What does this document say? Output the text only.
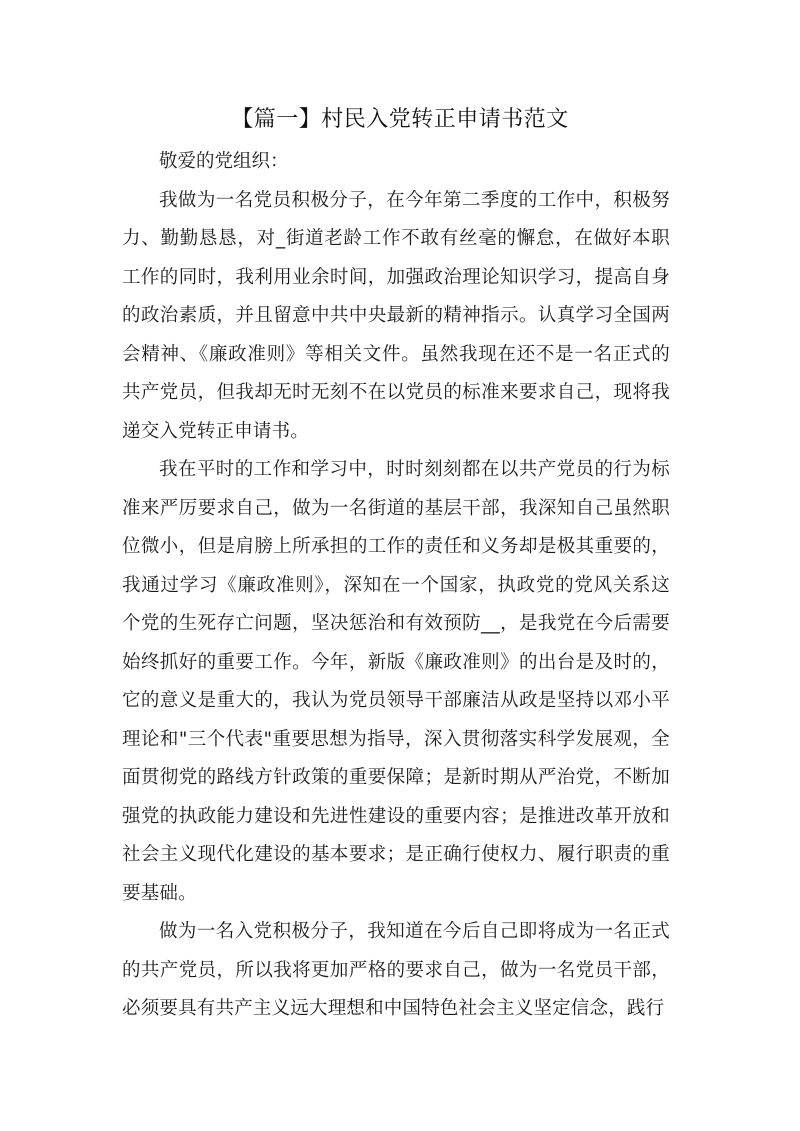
【篇一】村民入党转正申请书范文

敬爱的党组织：

我做为一名党员积极分子，在今年第二季度的工作中，积极努力、勤勤恳恳，对_街道老龄工作不敢有丝毫的懈怠，在做好本职工作的同时，我利用业余时间，加强政治理论知识学习，提高自身的政治素质，并且留意中共中央最新的精神指示。认真学习全国两会精神、《廉政准则》等相关文件。虽然我现在还不是一名正式的共产党员，但我却无时无刻不在以党员的标准来要求自己，现将我递交入党转正申请书。

我在平时的工作和学习中，时时刻刻都在以共产党员的行为标准来严厉要求自己，做为一名街道的基层干部，我深知自己虽然职位微小，但是肩膀上所承担的工作的责任和义务却是极其重要的，我通过学习《廉政准则》，深知在一个国家，执政党的党风关系这个党的生死存亡问题，坚决惩治和有效预防__，是我党在今后需要始终抓好的重要工作。今年，新版《廉政准则》的出台是及时的，它的意义是重大的，我认为党员领导干部廉洁从政是坚持以邓小平理论和"三个代表"重要思想为指导，深入贯彻落实科学发展观，全面贯彻党的路线方针政策的重要保障；是新时期从严治党，不断加强党的执政能力建设和先进性建设的重要内容；是推进改革开放和社会主义现代化建设的基本要求；是正确行使权力、履行职责的重要基础。

做为一名入党积极分子，我知道在今后自己即将成为一名正式的共产党员，所以我将更加严格的要求自己，做为一名党员干部，必须要具有共产主义远大理想和中国特色社会主义坚定信念，践行
